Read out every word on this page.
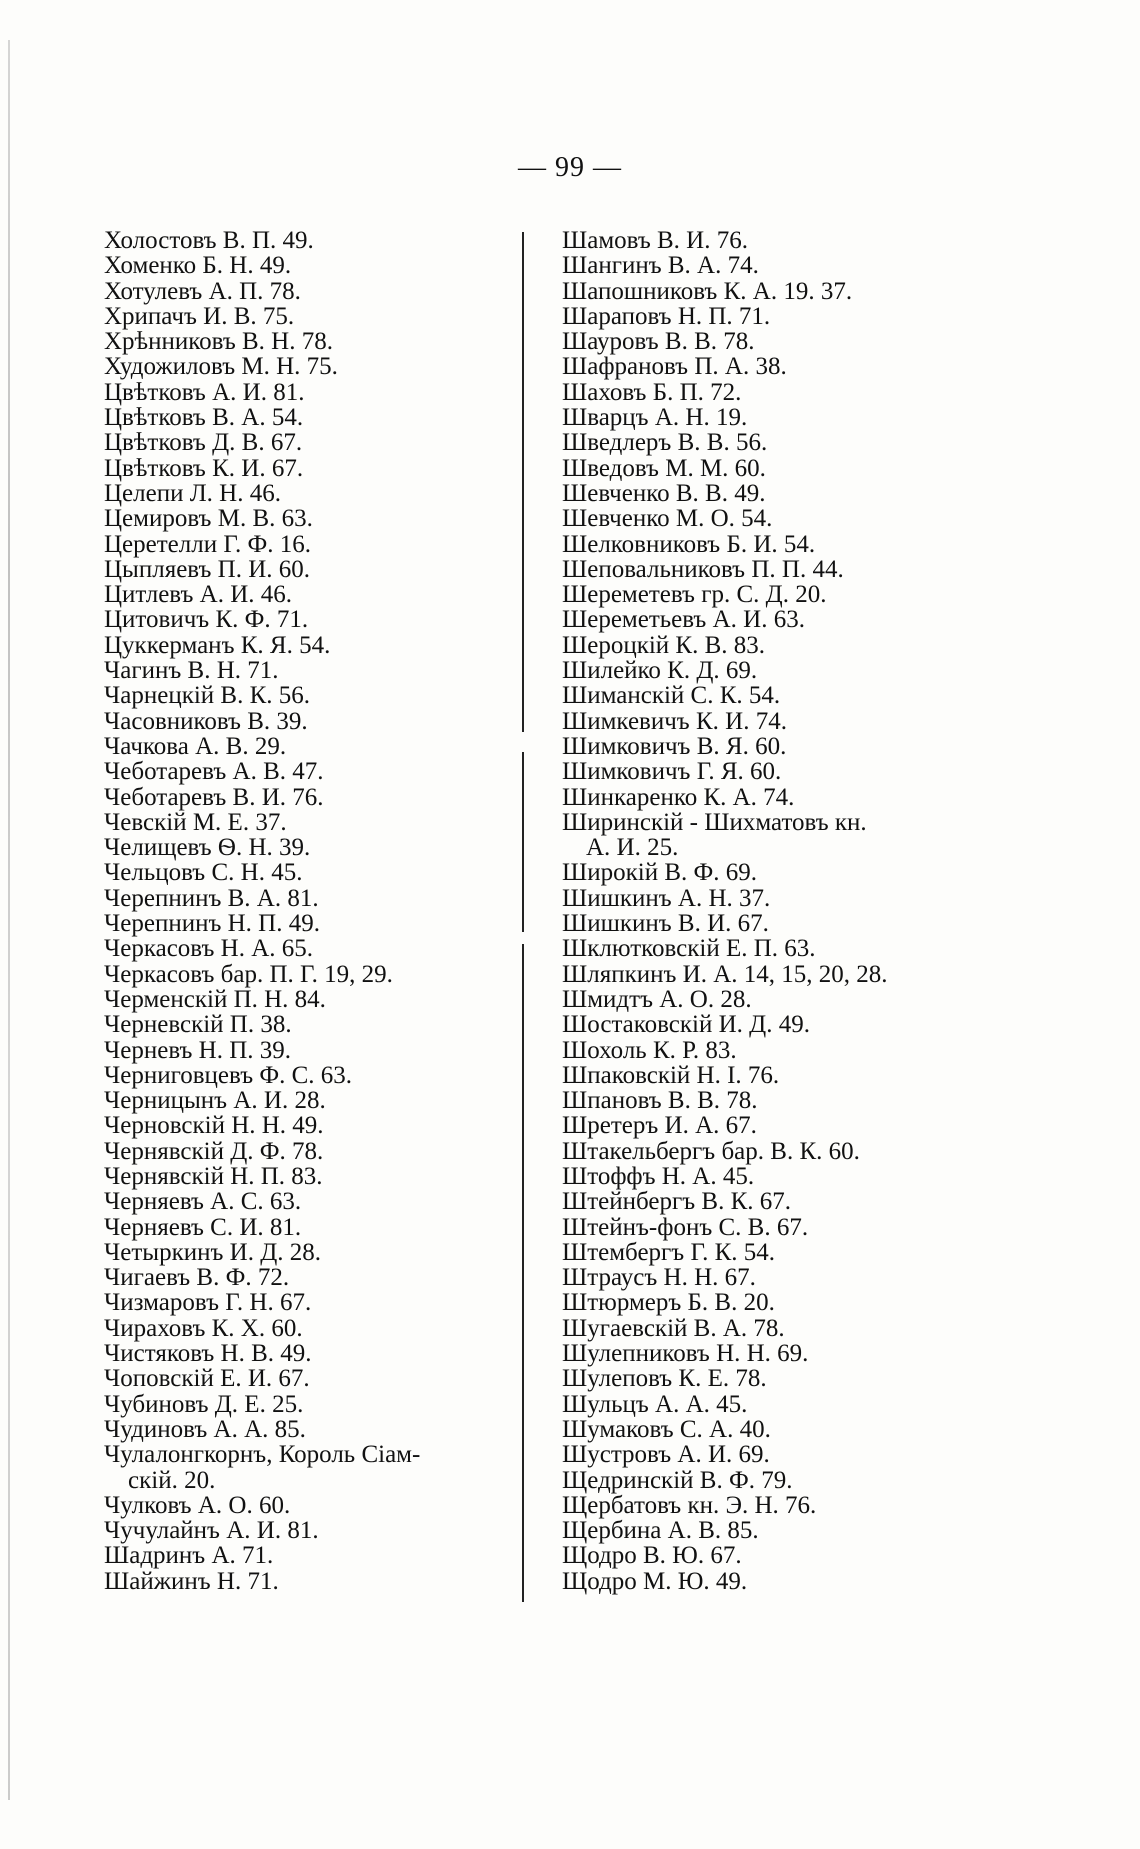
— 99 —
Холостовъ В. П. 49.
Хоменко Б. Н. 49.
Хотулевъ А. П. 78.
Хрипачъ И. В. 75.
Хрѣнниковъ В. Н. 78.
Художиловъ М. Н. 75.
Цвѣтковъ А. И. 81.
Цвѣтковъ В. А. 54.
Цвѣтковъ Д. В. 67.
Цвѣтковъ К. И. 67.
Целепи Л. Н. 46.
Цемировъ М. В. 63.
Церетелли Г. Ф. 16.
Цыпляевъ П. И. 60.
Цитлевъ А. И. 46.
Цитовичъ К. Ф. 71.
Цуккерманъ К. Я. 54.
Чагинъ В. Н. 71.
Чарнецкій В. К. 56.
Часовниковъ В. 39.
Чачкова А. В. 29.
Чеботаревъ А. В. 47.
Чеботаревъ В. И. 76.
Чевскій М. Е. 37.
Челищевъ Ѳ. Н. 39.
Чельцовъ С. Н. 45.
Черепнинъ В. А. 81.
Черепнинъ Н. П. 49.
Черкасовъ Н. А. 65.
Черкасовъ бар. П. Г. 19, 29.
Черменскій П. Н. 84.
Черневскій П. 38.
Черневъ Н. П. 39.
Черниговцевъ Ф. С. 63.
Черницынъ А. И. 28.
Черновскій Н. Н. 49.
Чернявскій Д. Ф. 78.
Чернявскій Н. П. 83.
Черняевъ А. С. 63.
Черняевъ С. И. 81.
Четыркинъ И. Д. 28.
Чигаевъ В. Ф. 72.
Чизмаровъ Г. Н. 67.
Чираховъ К. Х. 60.
Чистяковъ Н. В. 49.
Чоповскій Е. И. 67.
Чубиновъ Д. Е. 25.
Чудиновъ А. А. 85.
Чулалонгкорнъ, Король Сіам-
скій. 20.
Чулковъ А. О. 60.
Чучулайнъ А. И. 81.
Шадринъ А. 71.
Шайжинъ Н. 71.
Шамовъ В. И. 76.
Шангинъ В. А. 74.
Шапошниковъ К. А. 19. 37.
Шараповъ Н. П. 71.
Шауровъ В. В. 78.
Шафрановъ П. А. 38.
Шаховъ Б. П. 72.
Шварцъ А. Н. 19.
Шведлеръ В. В. 56.
Шведовъ М. М. 60.
Шевченко В. В. 49.
Шевченко М. О. 54.
Шелковниковъ Б. И. 54.
Шеповальниковъ П. П. 44.
Шереметевъ гр. С. Д. 20.
Шереметьевъ А. И. 63.
Шероцкій К. В. 83.
Шилейко К. Д. 69.
Шиманскій С. К. 54.
Шимкевичъ К. И. 74.
Шимковичъ В. Я. 60.
Шимковичъ Г. Я. 60.
Шинкаренко К. А. 74.
Ширинскій - Шихматовъ кн.
А. И. 25.
Широкій В. Ф. 69.
Шишкинъ А. Н. 37.
Шишкинъ В. И. 67.
Шклютковскій Е. П. 63.
Шляпкинъ И. А. 14, 15, 20, 28.
Шмидтъ А. О. 28.
Шостаковскій И. Д. 49.
Шохоль К. Р. 83.
Шпаковскій Н. І. 76.
Шпановъ В. В. 78.
Шретеръ И. А. 67.
Штакельбергъ бар. В. К. 60.
Штоффъ Н. А. 45.
Штейнбергъ В. К. 67.
Штейнъ-фонъ С. В. 67.
Штембергъ Г. К. 54.
Штраусъ Н. Н. 67.
Штюрмеръ Б. В. 20.
Шугаевскій В. А. 78.
Шулепниковъ Н. Н. 69.
Шулеповъ К. Е. 78.
Шульцъ А. А. 45.
Шумаковъ С. А. 40.
Шустровъ А. И. 69.
Щедринскій В. Ф. 79.
Щербатовъ кн. Э. Н. 76.
Щербина А. В. 85.
Щодро В. Ю. 67.
Щодро М. Ю. 49.
